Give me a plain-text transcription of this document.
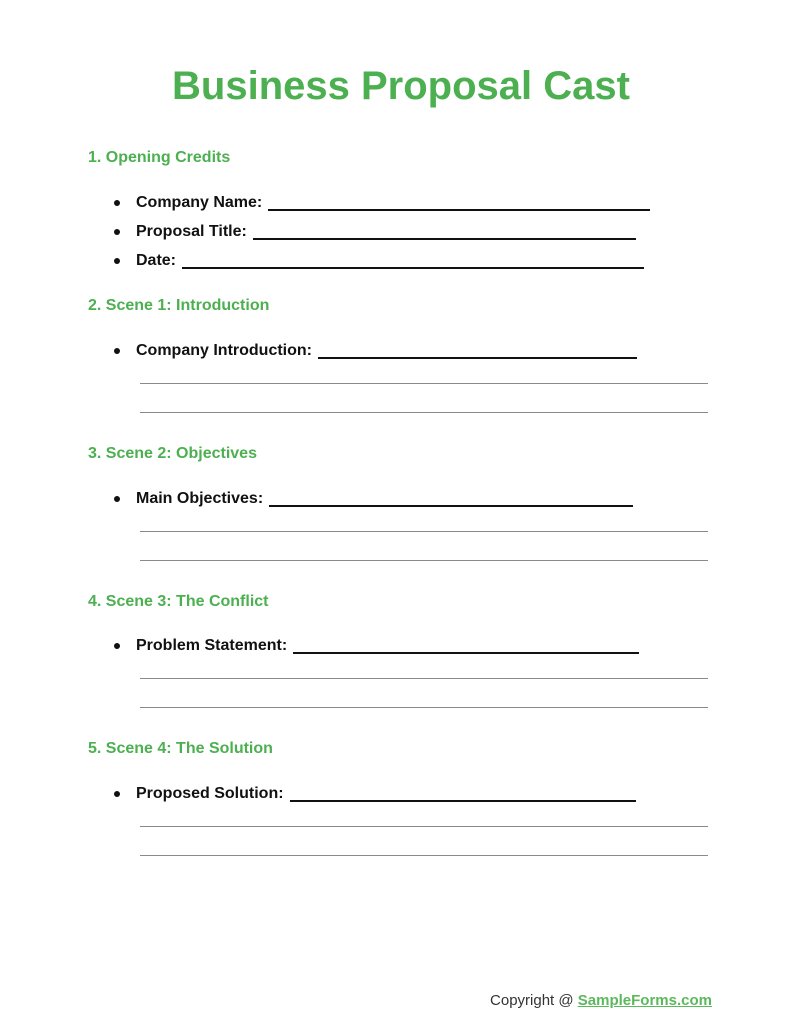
Business Proposal Cast
1. Opening Credits
Company Name:
Proposal Title:
Date:
2. Scene 1: Introduction
Company Introduction:
3. Scene 2: Objectives
Main Objectives:
4. Scene 3: The Conflict
Problem Statement:
5. Scene 4: The Solution
Proposed Solution:
Copyright @ SampleForms.com
